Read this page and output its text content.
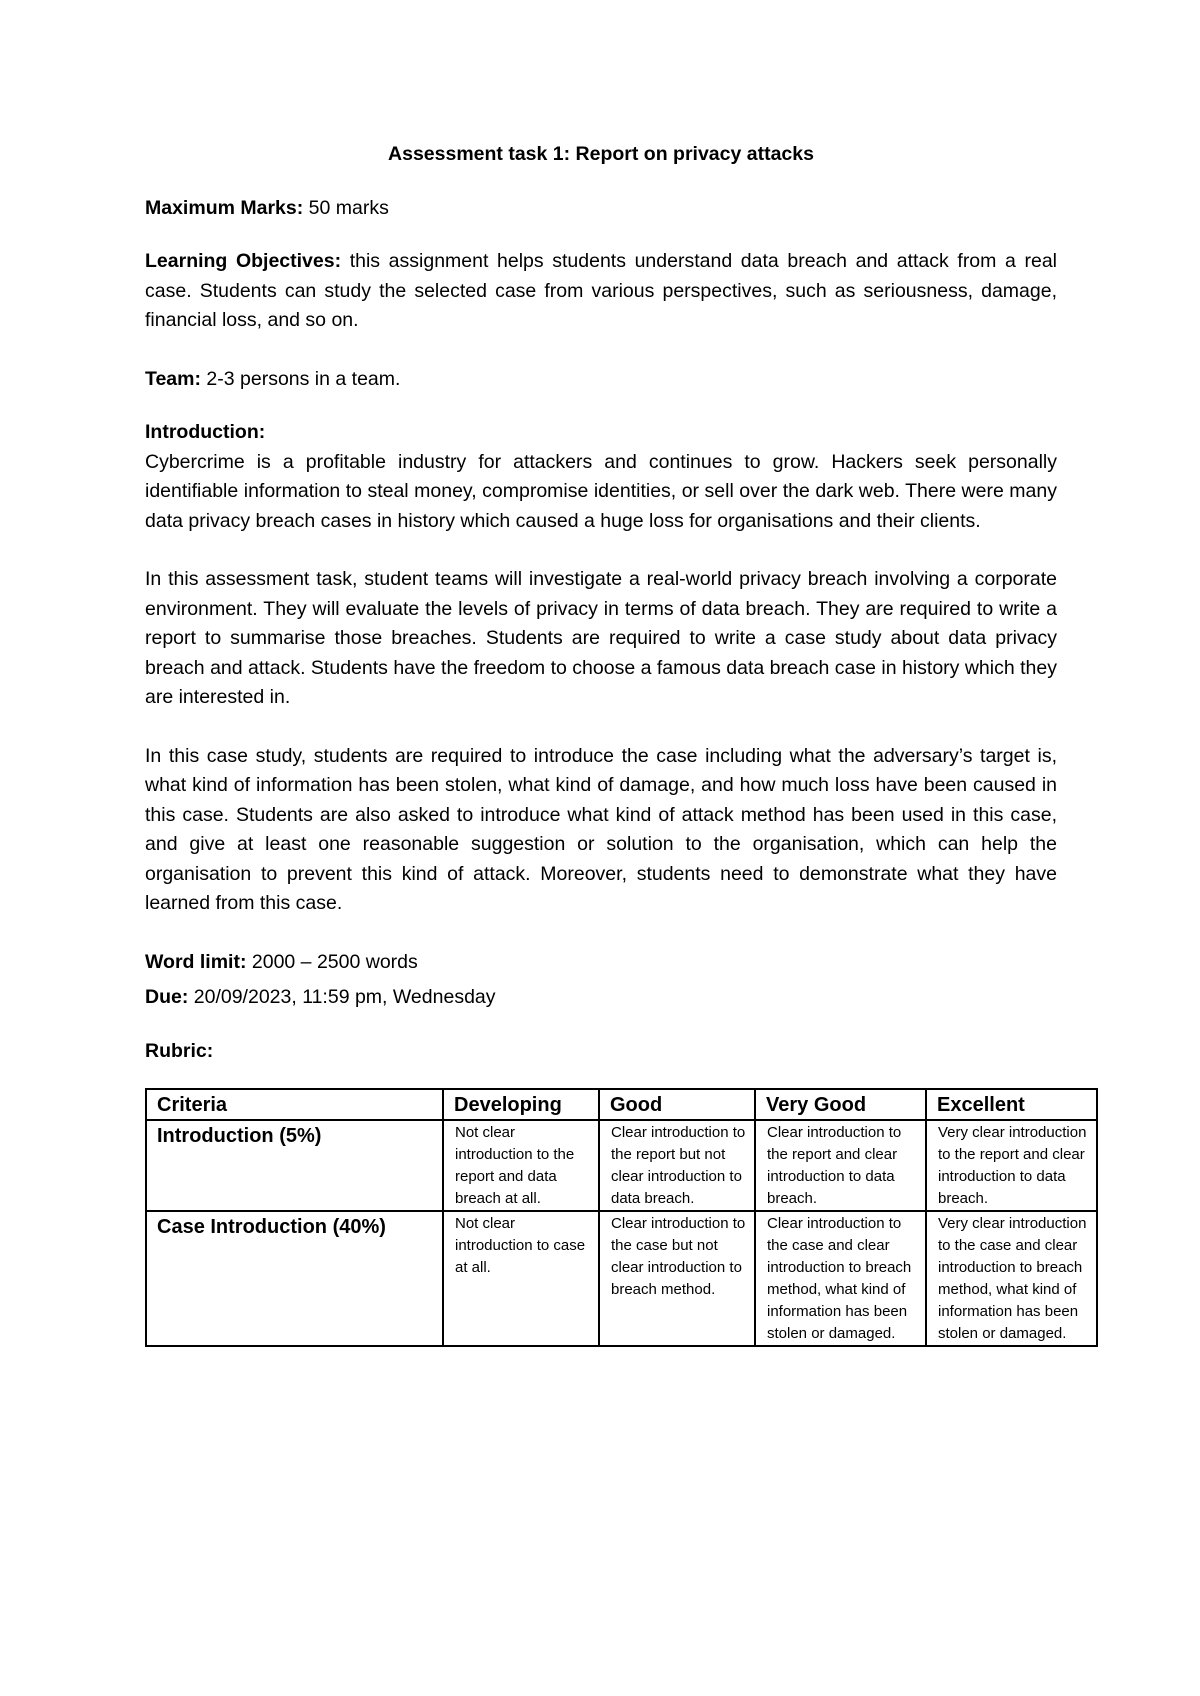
Assessment task 1: Report on privacy attacks
Maximum Marks: 50 marks
Learning Objectives: this assignment helps students understand data breach and attack from a real case. Students can study the selected case from various perspectives, such as seriousness, damage, financial loss, and so on.
Team: 2-3 persons in a team.
Introduction:
Cybercrime is a profitable industry for attackers and continues to grow. Hackers seek personally identifiable information to steal money, compromise identities, or sell over the dark web. There were many data privacy breach cases in history which caused a huge loss for organisations and their clients.
In this assessment task, student teams will investigate a real-world privacy breach involving a corporate environment. They will evaluate the levels of privacy in terms of data breach. They are required to write a report to summarise those breaches. Students are required to write a case study about data privacy breach and attack. Students have the freedom to choose a famous data breach case in history which they are interested in.
In this case study, students are required to introduce the case including what the adversary’s target is, what kind of information has been stolen, what kind of damage, and how much loss have been caused in this case. Students are also asked to introduce what kind of attack method has been used in this case, and give at least one reasonable suggestion or solution to the organisation, which can help the organisation to prevent this kind of attack. Moreover, students need to demonstrate what they have learned from this case.
Word limit: 2000 – 2500 words
Due: 20/09/2023, 11:59 pm, Wednesday
Rubric:
Criteria	Developing	Good	Very Good	Excellent
Introduction (5%)	Not clear introduction to the report and data breach at all.	Clear introduction to the report but not clear introduction to data breach.	Clear introduction to the report and clear introduction to data breach.	Very clear introduction to the report and clear introduction to data breach.
Case Introduction (40%)	Not clear introduction to case at all.	Clear introduction to the case but not clear introduction to breach method.	Clear introduction to the case and clear introduction to breach method, what kind of information has been stolen or damaged.	Very clear introduction to the case and clear introduction to breach method, what kind of information has been stolen or damaged.
